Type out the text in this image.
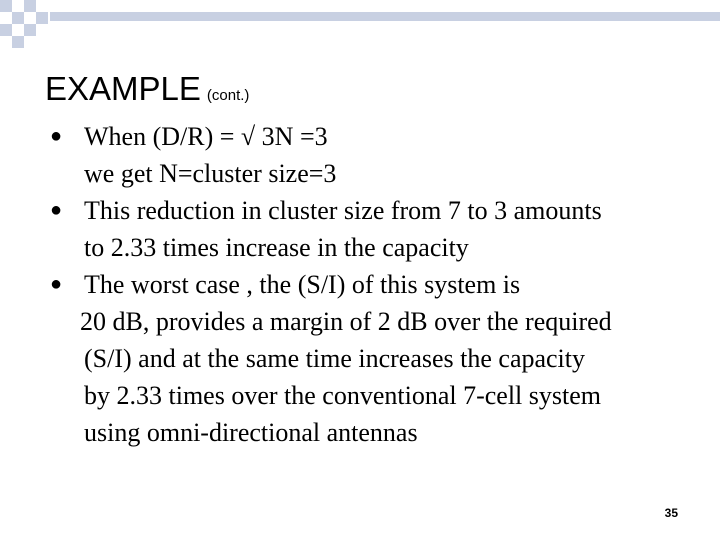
EXAMPLE (cont.)
● When (D/R) = √ 3N =3
we get N=cluster size=3
● This reduction in cluster size from 7 to 3 amounts
to 2.33 times increase in the capacity
● The worst case , the (S/I) of this system is
20 dB, provides a margin of 2 dB over the required
(S/I) and at the same time increases the capacity
by 2.33 times over the conventional 7-cell system
using omni-directional antennas
35
